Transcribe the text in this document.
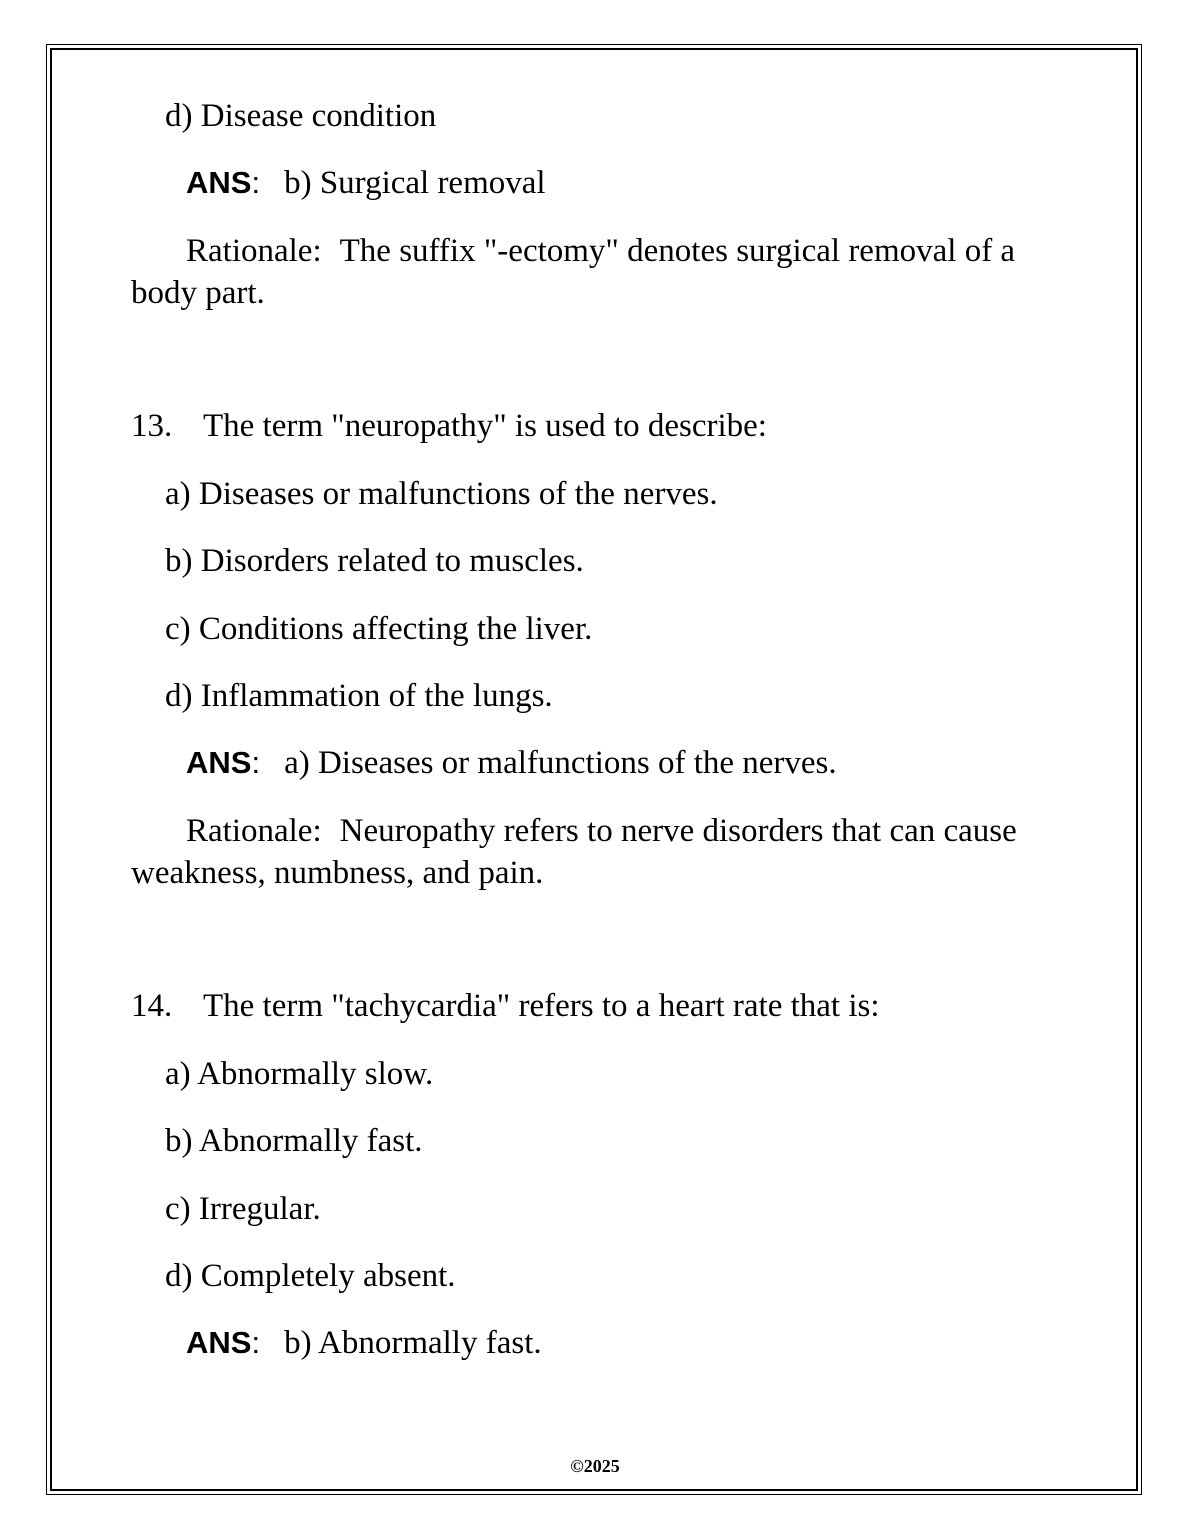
d) Disease condition
ANS: b) Surgical removal
Rationale: The suffix "-ectomy" denotes surgical removal of a body part.
13. The term "neuropathy" is used to describe:
a) Diseases or malfunctions of the nerves.
b) Disorders related to muscles.
c) Conditions affecting the liver.
d) Inflammation of the lungs.
ANS: a) Diseases or malfunctions of the nerves.
Rationale: Neuropathy refers to nerve disorders that can cause weakness, numbness, and pain.
14. The term "tachycardia" refers to a heart rate that is:
a) Abnormally slow.
b) Abnormally fast.
c) Irregular.
d) Completely absent.
ANS: b) Abnormally fast.
©2025
